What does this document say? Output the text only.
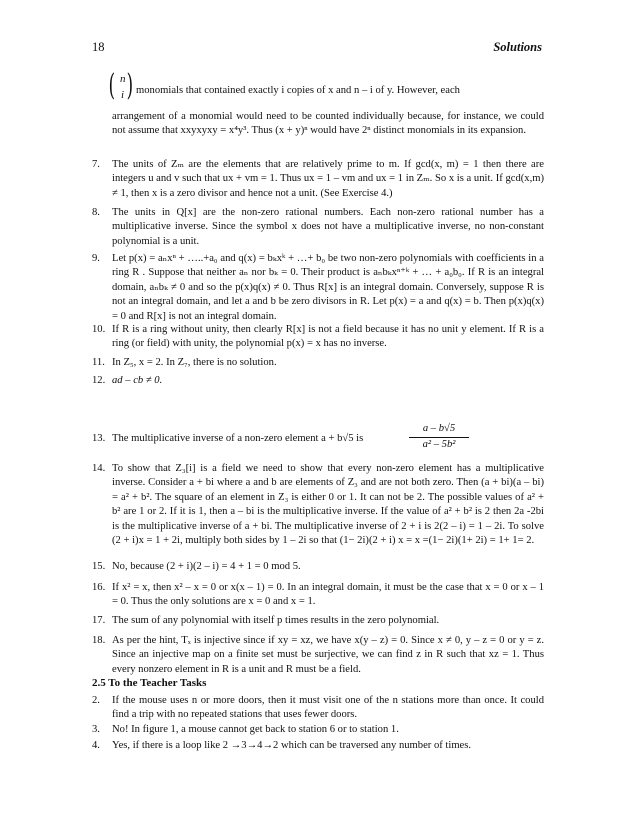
18	Solutions
( n
i ) monomials that contained exactly i copies of x and n – i of y. However, each
arrangement of a monomial would need to be counted individually because, for instance, we could not assume that xxyxyxy = x⁴y³. Thus (x + y)ⁿ would have 2ⁿ distinct monomials in its expansion.
7.	The units of Zₘ are the elements that are relatively prime to m. If gcd(x, m) = 1 then there are integers u and v such that ux + vm = 1. Thus ux = 1 – vm and ux = 1 in Zₘ. So x is a unit. If gcd(x,m) ≠ 1, then x is a zero divisor and hence not a unit. (See Exercise 4.)
8.	The units in Q[x] are the non-zero rational numbers. Each non-zero rational number has a multiplicative inverse. Since the symbol x does not have a multiplicative inverse, no non-constant polynomial is a unit.
9.	Let p(x) = aₙxⁿ + …..+a₀ and q(x) = bₖxᵏ + …+ b₀ be two non-zero polynomials with coefficients in a ring R . Suppose that neither aₙ nor bₖ = 0. Their product is aₙbₖxⁿ⁺ᵏ + … + a₀b₀. If R is an integral domain, aₙbₖ ≠ 0 and so the p(x)q(x) ≠ 0. Thus R[x] is an integral domain. Conversely, suppose R is not an integral domain, and let a and b be zero divisors in R. Let p(x) = a and q(x) = b. Then p(x)q(x) = 0 and R[x] is not an integral domain.
10. If R is a ring without unity, then clearly R[x] is not a field because it has no unit y element. If R is a ring (or field) with unity, the polynomial p(x) = x has no inverse.
11. In Z₅, x = 2. In Z₇, there is no solution.
12. ad – cb ≠ 0.
13. The multiplicative inverse of a non-zero element a + b√5 is	$\frac{a - b√5}{\text{a² – 5b²}}$
14. To show that Z₃[i] is a field we need to show that every non-zero element has a multiplicative inverse. Consider a + bi where a and b are elements of Z₃ and are not both zero. Then (a + bi)(a – bi) = a² + b². The square of an element in Z₃ is either 0 or 1. It can not be 2. The possible values of a² + b² are 1 or 2. If it is 1, then a – bi is the multiplicative inverse. If the value of a² + b² is 2 then 2a -2bi is the multiplicative inverse of a + bi. The multiplicative inverse of 2 + i is 2(2 – i) = 1 – 2i. To solve (2 + i)x = 1 + 2i, multiply both sides by 1 – 2i so that (1− 2i)(2 + i) x = x =(1− 2i)(1+ 2i) = 1+ 1= 2.
15. No, because (2 + i)(2 – i) = 4 + 1 = 0 mod 5.
16. If x² = x, then x² – x = 0 or x(x – 1) = 0. In an integral domain, it must be the case that x = 0 or x – 1 = 0. Thus the only solutions are x = 0 and x = 1.
17. The sum of any polynomial with itself p times results in the zero polynomial.
18. As per the hint, Tₓ is injective since if xy = xz, we have x(y – z) = 0. Since x ≠ 0, y – z = 0 or y = z. Since an injective map on a finite set must be surjective, we can find z in R such that xz = 1. Thus every nonzero element in R is a unit and R must be a field.
2.5 To the Teacher Tasks
2.	If the mouse uses n or more doors, then it must visit one of the n stations more than once. It could find a trip with no repeated stations that uses fewer doors.
3.	No! In figure 1, a mouse cannot get back to station 6 or to station 1.
4.	Yes, if there is a loop like 2 →3→4→2 which can be traversed any number of times.
